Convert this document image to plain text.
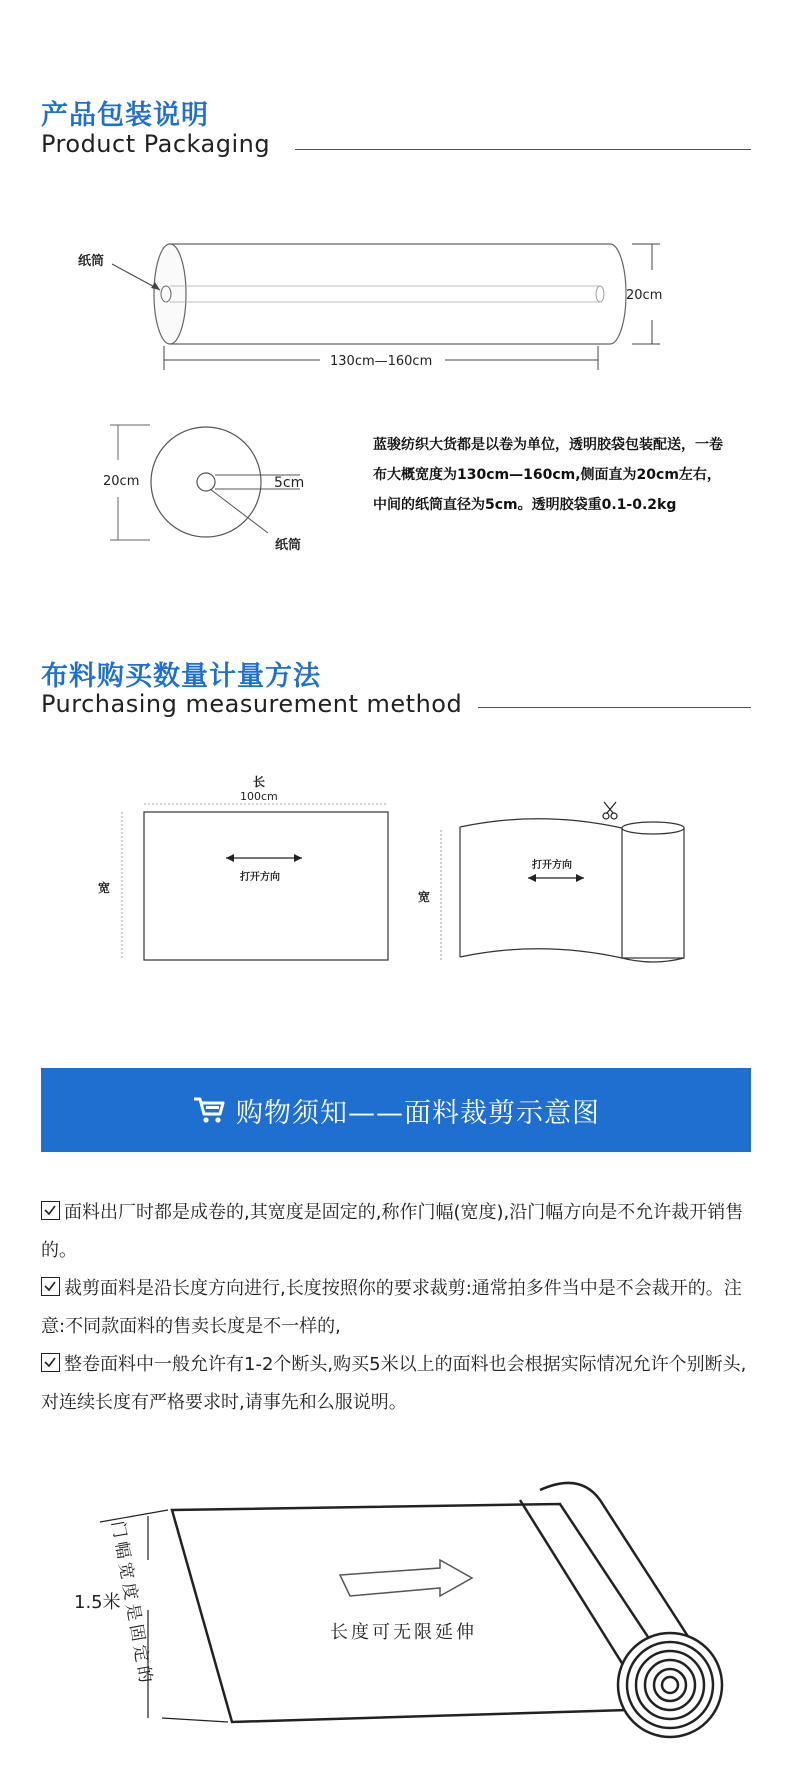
产品包装说明
Product Packaging
纸筒
20cm
130cm—160cm
20cm	5cm
纸筒
蓝骏纺织大货都是以卷为单位，透明胶袋包装配送，一卷布大概宽度为130cm—160cm,侧面直为20cm左右，中间的纸筒直径为5cm。透明胶袋重0.1-0.2kg
布料购买数量计量方法
Purchasing measurement method
长
100cm
宽
打开方向
宽
打开方向
购物须知——面料裁剪示意图

面料出厂时都是成卷的,其宽度是固定的,称作门幅(宽度),沿门幅方向是不允许裁开销售的。

裁剪面料是沿长度方向进行,长度按照你的要求裁剪:通常拍多件当中是不会裁开的。注意:不同款面料的售卖长度是不一样的,

整卷面料中一般允许有1-2个断头,购买5米以上的面料也会根据实际情况允许个别断头,对连续长度有严格要求时,请事先和么服说明。

1.5米
门幅宽度是固定的	长度可无限延伸
